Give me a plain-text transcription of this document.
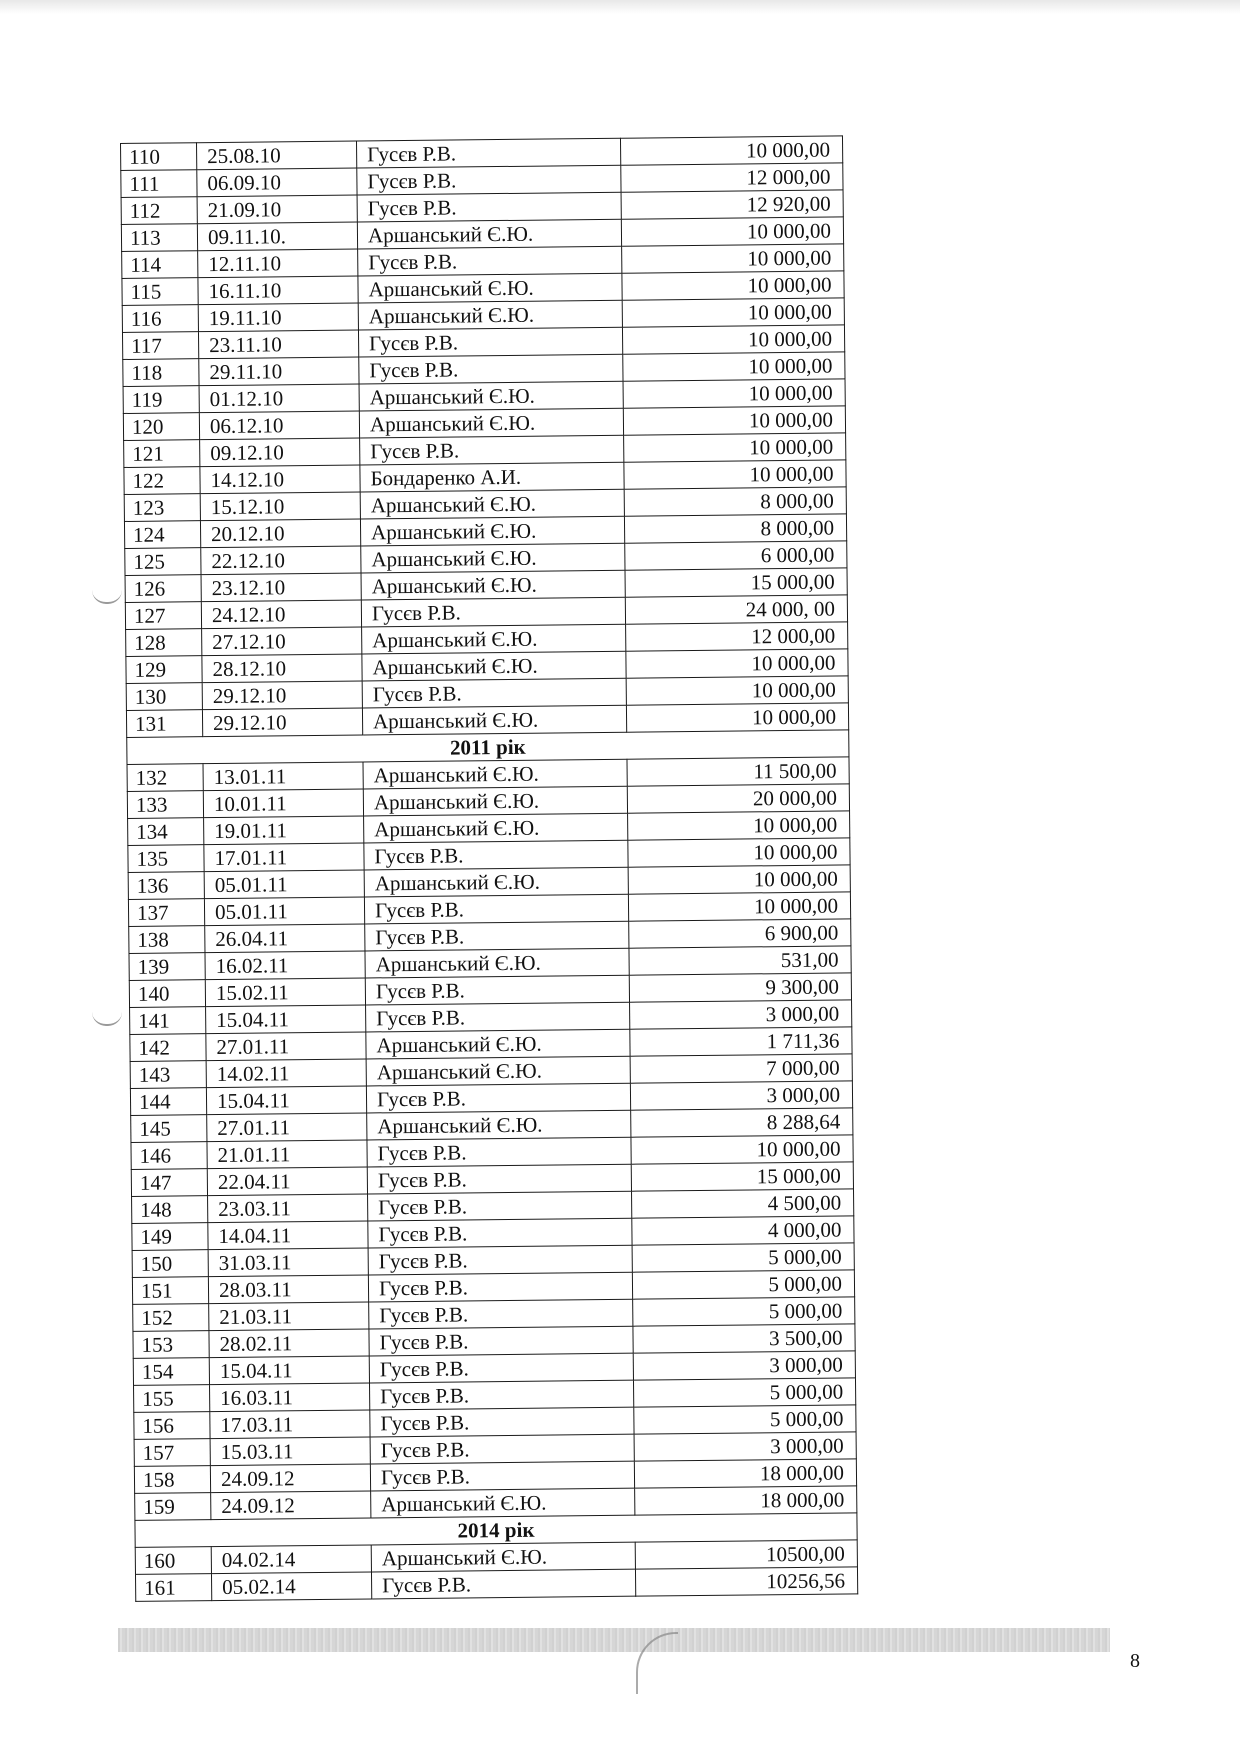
110	25.08.10	Гусєв Р.В.	10 000,00
111	06.09.10	Гусєв Р.В.	12 000,00
112	21.09.10	Гусєв Р.В.	12 920,00
113	09.11.10.	Аршанський Є.Ю.	10 000,00
114	12.11.10	Гусєв Р.В.	10 000,00
115	16.11.10	Аршанський Є.Ю.	10 000,00
116	19.11.10	Аршанський Є.Ю.	10 000,00
117	23.11.10	Гусєв Р.В.	10 000,00
118	29.11.10	Гусєв Р.В.	10 000,00
119	01.12.10	Аршанський Є.Ю.	10 000,00
120	06.12.10	Аршанський Є.Ю.	10 000,00
121	09.12.10	Гусєв Р.В.	10 000,00
122	14.12.10	Бондаренко А.И.	10 000,00
123	15.12.10	Аршанський Є.Ю.	8 000,00
124	20.12.10	Аршанський Є.Ю.	8 000,00
125	22.12.10	Аршанський Є.Ю.	6 000,00
126	23.12.10	Аршанський Є.Ю.	15 000,00
127	24.12.10	Гусєв Р.В.	24 000, 00
128	27.12.10	Аршанський Є.Ю.	12 000,00
129	28.12.10	Аршанський Є.Ю.	10 000,00
130	29.12.10	Гусєв Р.В.	10 000,00
131	29.12.10	Аршанський Є.Ю.	10 000,00
2011 рік			
132	13.01.11	Аршанський Є.Ю.	11 500,00
133	10.01.11	Аршанський Є.Ю.	20 000,00
134	19.01.11	Аршанський Є.Ю.	10 000,00
135	17.01.11	Гусєв Р.В.	10 000,00
136	05.01.11	Аршанський Є.Ю.	10 000,00
137	05.01.11	Гусєв Р.В.	10 000,00
138	26.04.11	Гусєв Р.В.	6 900,00
139	16.02.11	Аршанський Є.Ю.	531,00
140	15.02.11	Гусєв Р.В.	9 300,00
141	15.04.11	Гусєв Р.В.	3 000,00
142	27.01.11	Аршанський Є.Ю.	1 711,36
143	14.02.11	Аршанський Є.Ю.	7 000,00
144	15.04.11	Гусєв Р.В.	3 000,00
145	27.01.11	Аршанський Є.Ю.	8 288,64
146	21.01.11	Гусєв Р.В.	10 000,00
147	22.04.11	Гусєв Р.В.	15 000,00
148	23.03.11	Гусєв Р.В.	4 500,00
149	14.04.11	Гусєв Р.В.	4 000,00
150	31.03.11	Гусєв Р.В.	5 000,00
151	28.03.11	Гусєв Р.В.	5 000,00
152	21.03.11	Гусєв Р.В.	5 000,00
153	28.02.11	Гусєв Р.В.	3 500,00
154	15.04.11	Гусєв Р.В.	3 000,00
155	16.03.11	Гусєв Р.В.	5 000,00
156	17.03.11	Гусєв Р.В.	5 000,00
157	15.03.11	Гусєв Р.В.	3 000,00
158	24.09.12	Гусєв Р.В.	18 000,00
159	24.09.12	Аршанський Є.Ю.	18 000,00
2014 рік			
160	04.02.14	Аршанський Є.Ю.	10500,00
161	05.02.14	Гусєв Р.В.	10256,56
8
